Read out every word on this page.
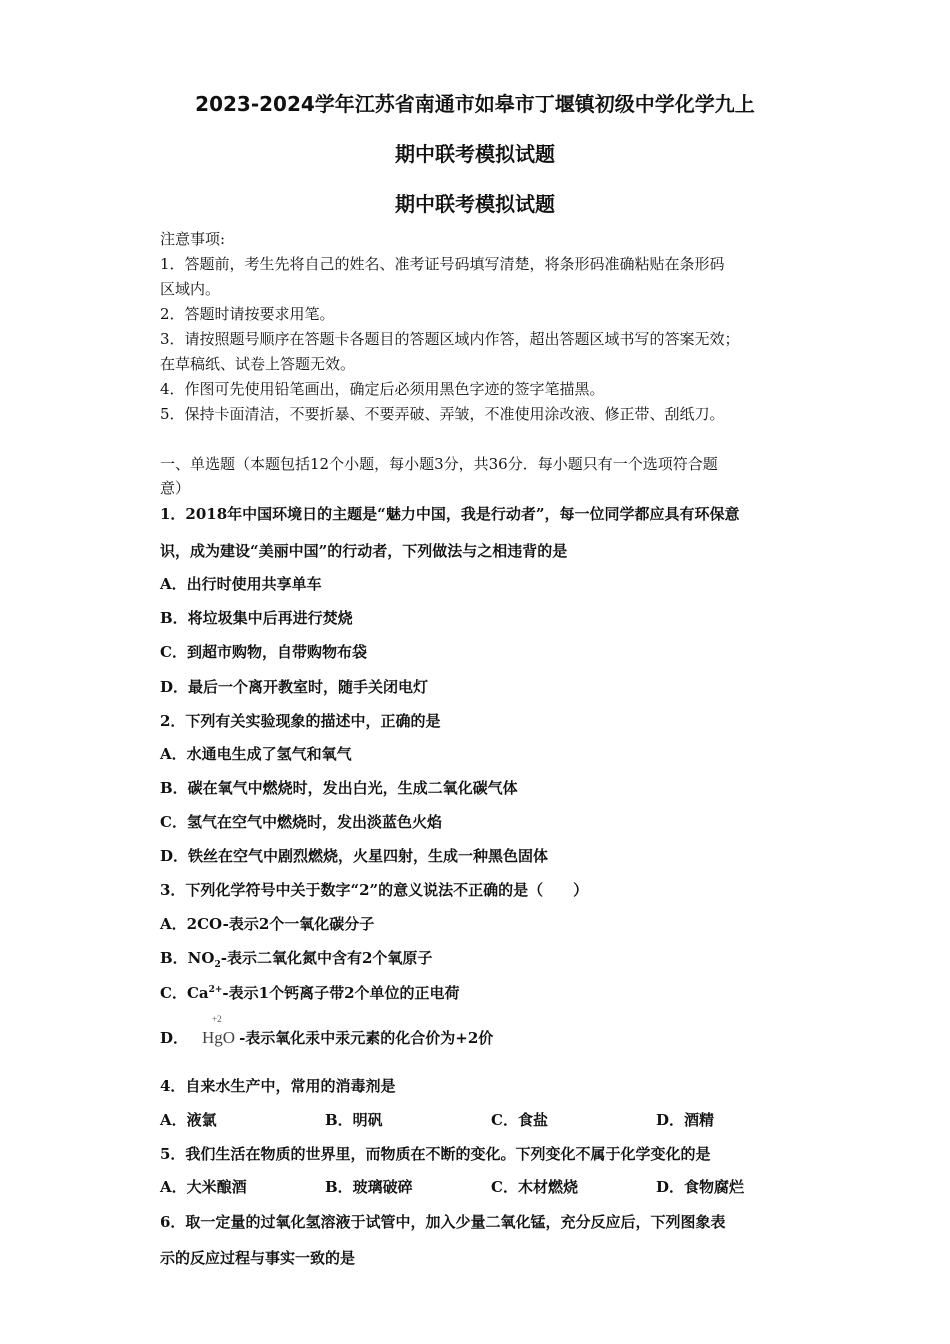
2023-2024学年江苏省南通市如皋市丁堰镇初级中学化学九上
期中联考模拟试题
期中联考模拟试题
注意事项:
1．答题前，考生先将自己的姓名、准考证号码填写清楚，将条形码准确粘贴在条形码
区域内。
2．答题时请按要求用笔。
3．请按照题号顺序在答题卡各题目的答题区域内作答，超出答题区域书写的答案无效；
在草稿纸、试卷上答题无效。
4．作图可先使用铅笔画出，确定后必须用黑色字迹的签字笔描黑。
5．保持卡面清洁，不要折暴、不要弄破、弄皱，不准使用涂改液、修正带、刮纸刀。
一、单选题（本题包括12个小题，每小题3分，共36分．每小题只有一个选项符合题
意）
1．2018年中国环境日的主题是“魅力中国，我是行动者”，每一位同学都应具有环保意
识，成为建设“美丽中国”的行动者，下列做法与之相违背的是
A．出行时使用共享单车
B．将垃圾集中后再进行焚烧
C．到超市购物，自带购物布袋
D．最后一个离开教室时，随手关闭电灯
2．下列有关实验现象的描述中，正确的是
A．水通电生成了氢气和氧气
B．碳在氧气中燃烧时，发出白光，生成二氧化碳气体
C．氢气在空气中燃烧时，发出淡蓝色火焰
D．铁丝在空气中剧烈燃烧，火星四射，生成一种黑色固体
3．下列化学符号中关于数字“2”的意义说法不正确的是（　　）
A．2CO-表示2个一氧化碳分子
B．$NO_2-$表示二氧化氮中含有2个氧原子
C．$Ca^{2+}-$表示1个钙离子带2个单位的正电荷
D．
+2
HgO -表示氧化汞中汞元素的化合价为+2价
4．自来水生产中，常用的消毒剂是
A．液氯	B．明矾	C．食盐	D．酒精
5．我们生活在物质的世界里，而物质在不断的变化。下列变化不属于化学变化的是
A．大米酿酒	B．玻璃破碎	C．木材燃烧	D．食物腐烂
6．取一定量的过氧化氢溶液于试管中，加入少量二氧化锰，充分反应后，下列图象表
示的反应过程与事实一致的是
